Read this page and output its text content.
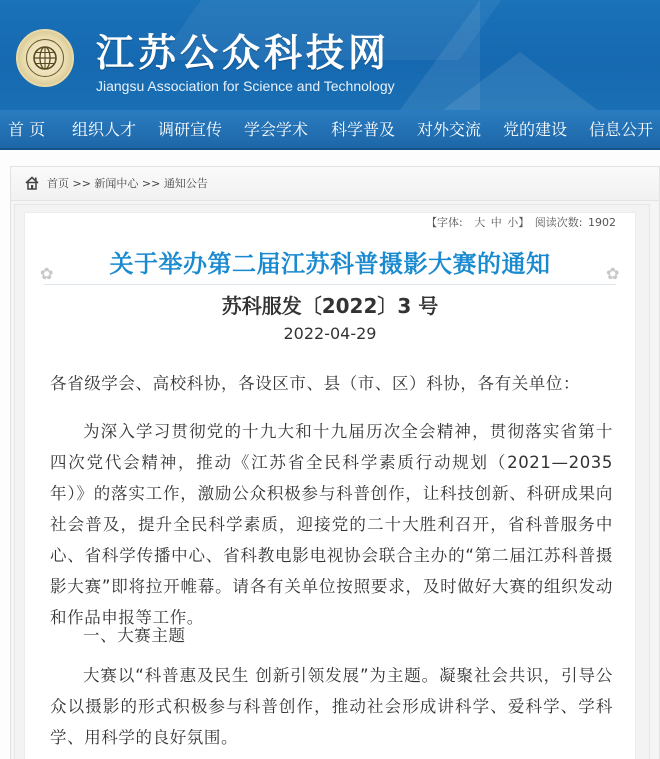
江苏公众科技网
Jiangsu Association for Science and Technology
首 页 组织人才 调研宣传 学会学术 科学普及 对外交流 党的建设 信息公开
首页 >> 新闻中心 >> 通知公告
【字体: 大 中 小】 阅读次数: 1902
✿	✿
关于举办第二届江苏科普摄影大赛的通知
苏科服发〔2022〕3 号
2022-04-29
各省级学会、高校科协，各设区市、县（市、区）科协，各有关单位：
为深入学习贯彻党的十九大和十九届历次全会精神，贯彻落实省第十四次党代会精神，推动《江苏省全民科学素质行动规划（2021—2035年）》的落实工作，激励公众积极参与科普创作，让科技创新、科研成果向社会普及，提升全民科学素质，迎接党的二十大胜利召开，省科普服务中心、省科学传播中心、省科教电影电视协会联合主办的“第二届江苏科普摄影大赛”即将拉开帷幕。请各有关单位按照要求，及时做好大赛的组织发动和作品申报等工作。
一、大赛主题
大赛以“科普惠及民生 创新引领发展”为主题。凝聚社会共识，引导公众以摄影的形式积极参与科普创作，推动社会形成讲科学、爱科学、学科学、用科学的良好氛围。
